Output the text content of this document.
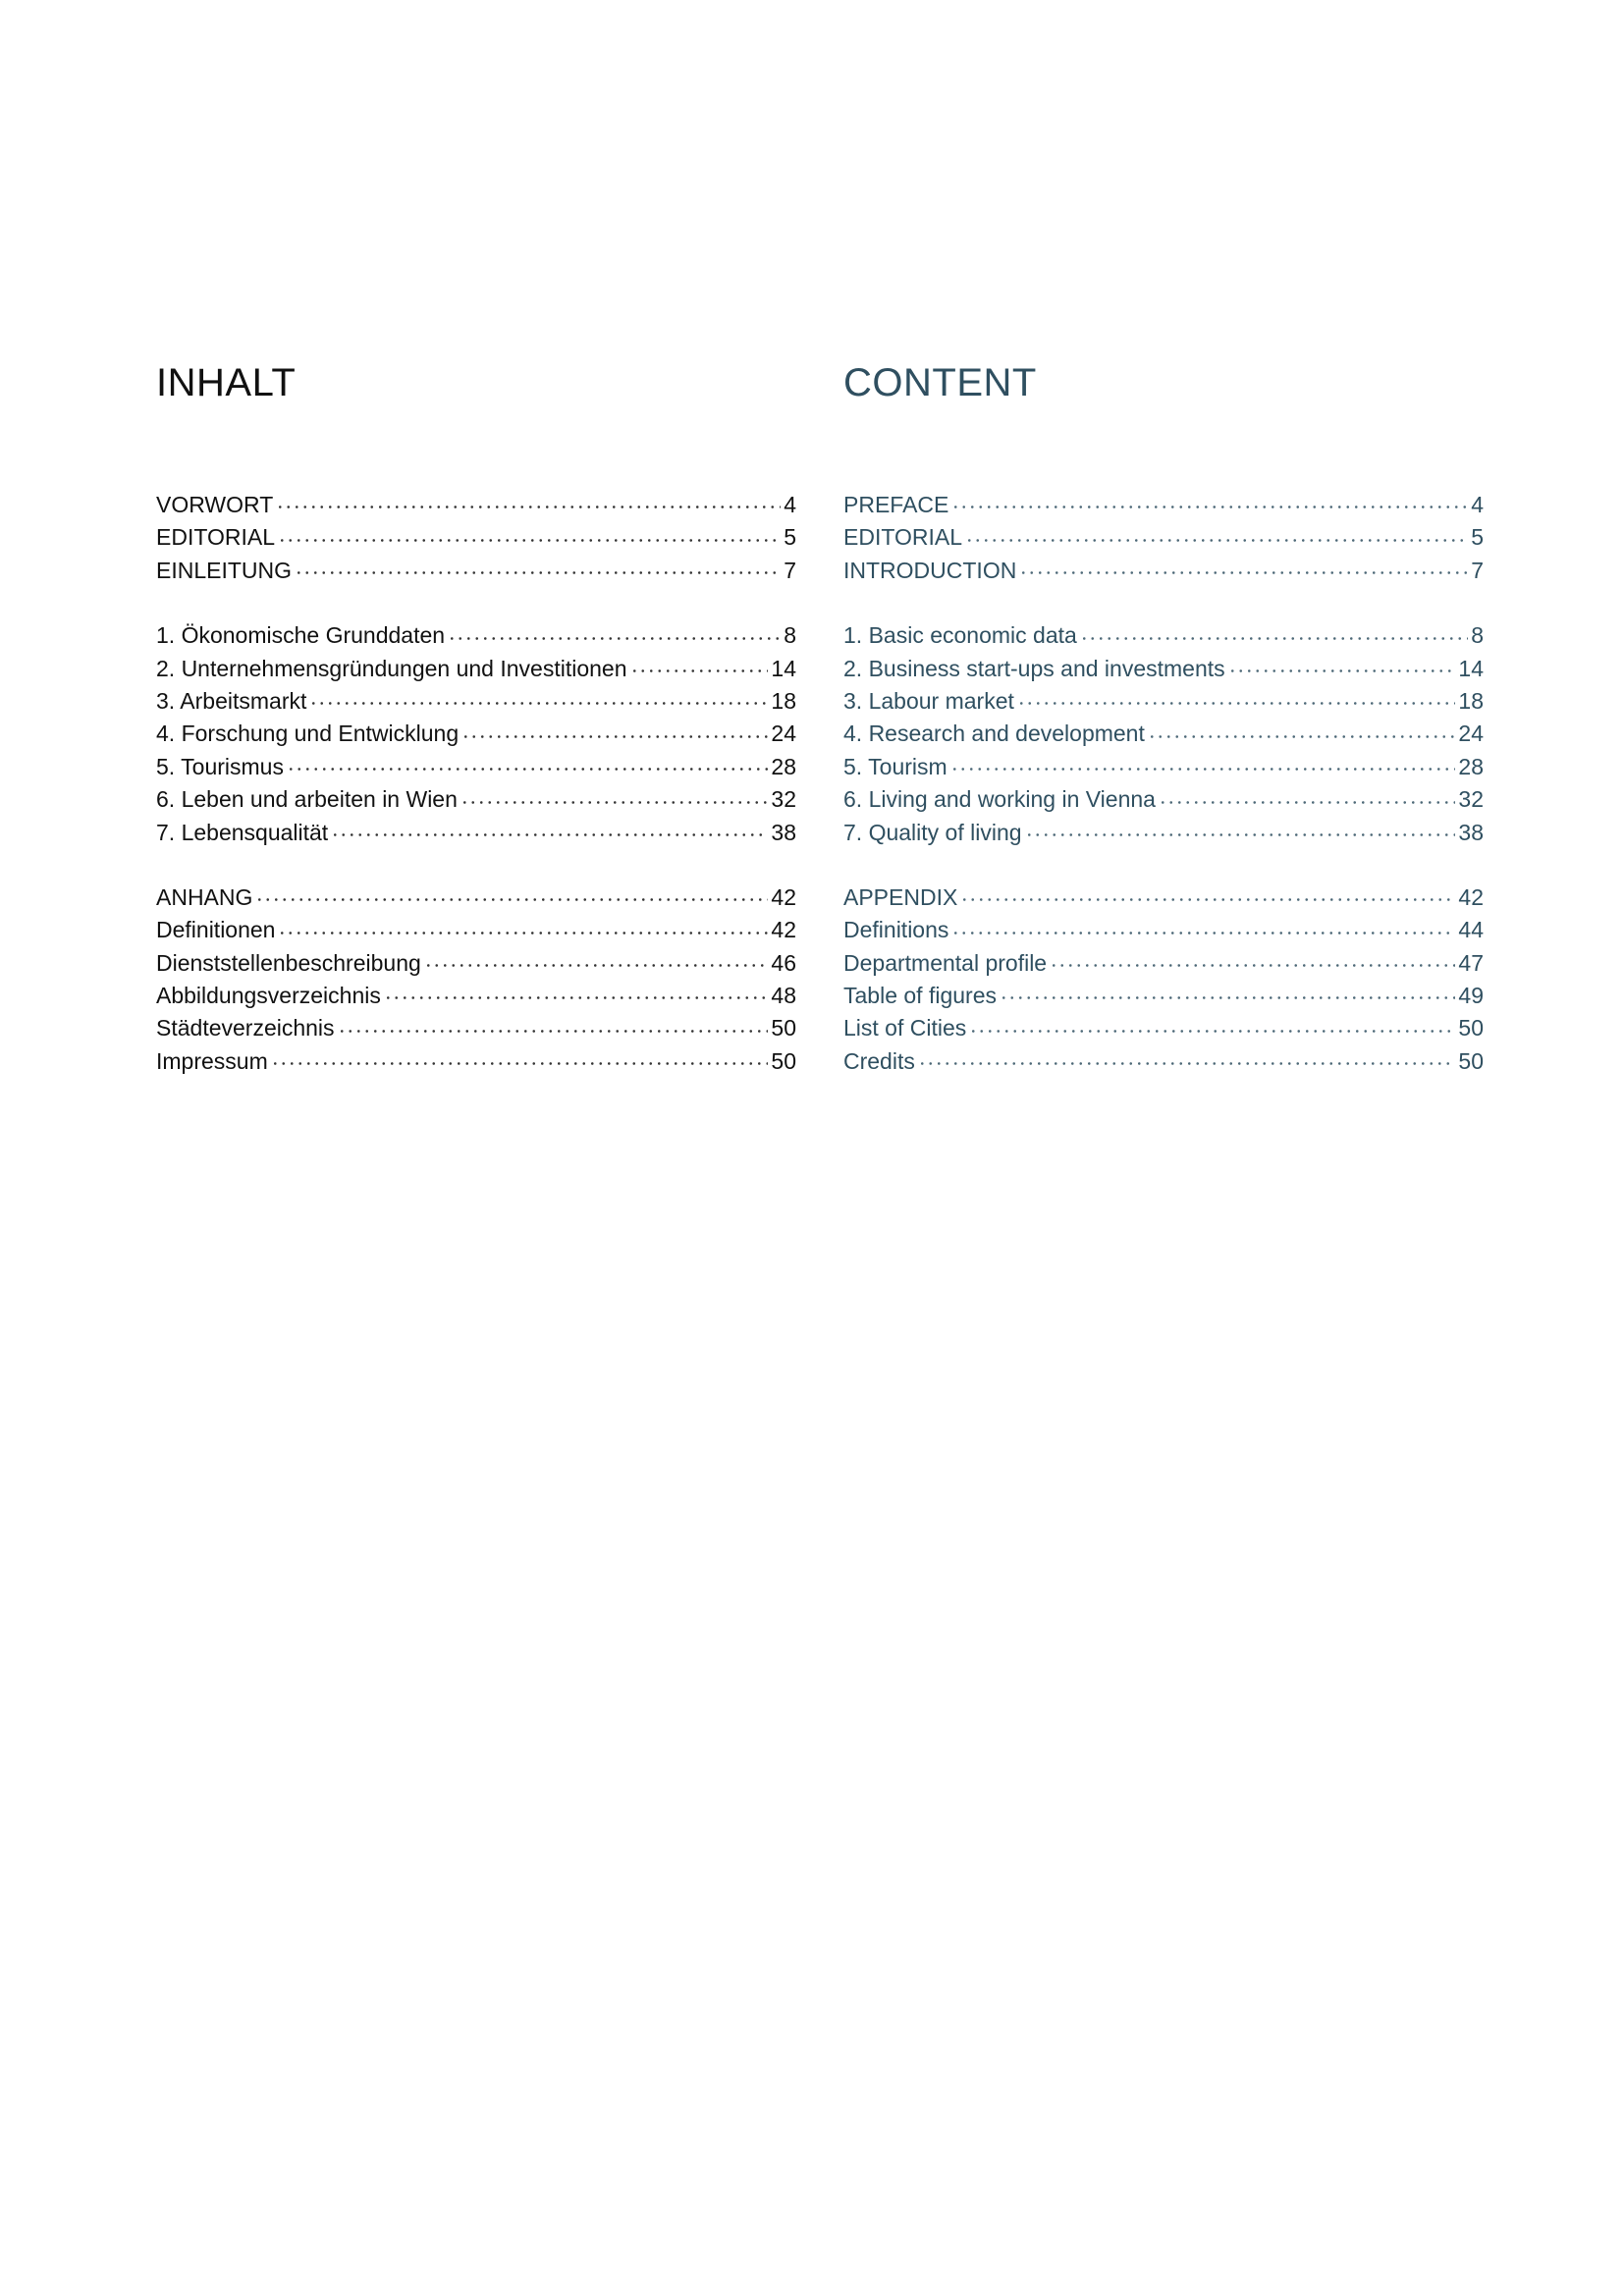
INHALT
VORWORT	4
EDITORIAL	5
EINLEITUNG	7
1. Ökonomische Grunddaten	8
2. Unternehmensgründungen und Investitionen	14
3. Arbeitsmarkt	18
4. Forschung und Entwicklung	24
5. Tourismus	28
6. Leben und arbeiten in Wien	32
7. Lebensqualität	38
ANHANG	42
Definitionen	42
Dienststellenbeschreibung	46
Abbildungsverzeichnis	48
Städteverzeichnis	50
Impressum	50
CONTENT
PREFACE	4
EDITORIAL	5
INTRODUCTION	7
1. Basic economic data	8
2. Business start-ups and investments	14
3. Labour market	18
4. Research and development	24
5. Tourism	28
6. Living and working in Vienna	32
7. Quality of living	38
APPENDIX	42
Definitions	44
Departmental profile	47
Table of figures	49
List of Cities	50
Credits	50
